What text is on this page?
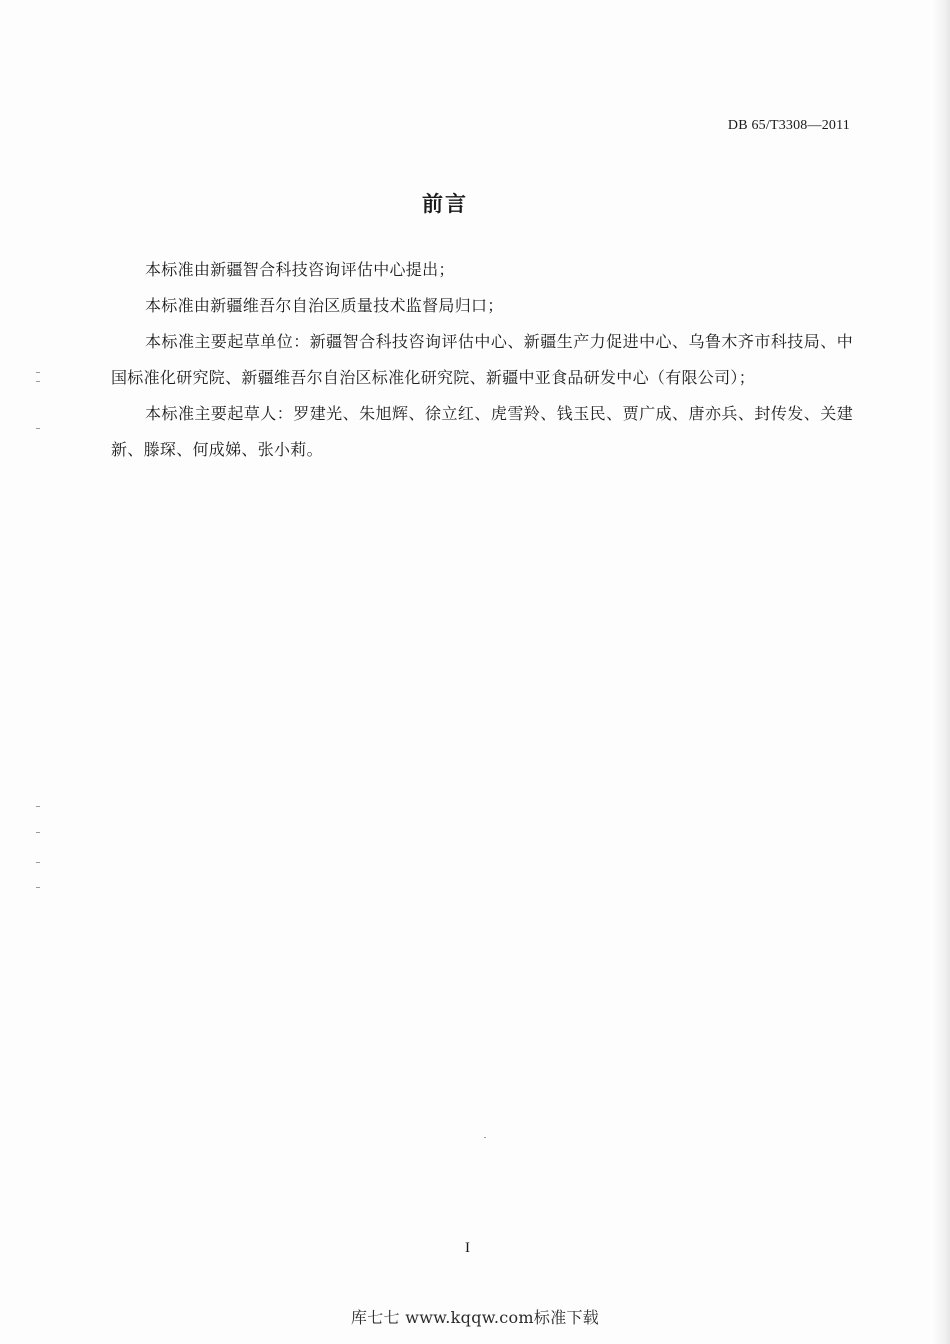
DB 65/T3308—2011
前言

本标准由新疆智合科技咨询评估中心提出；

本标准由新疆维吾尔自治区质量技术监督局归口；

本标准主要起草单位：新疆智合科技咨询评估中心、新疆生产力促进中心、乌鲁木齐市科技局、中国标准化研究院、新疆维吾尔自治区标准化研究院、新疆中亚食品研发中心（有限公司）；

本标准主要起草人：罗建光、朱旭辉、徐立红、虎雪羚、钱玉民、贾广成、唐亦兵、封传发、关建新、滕琛、何成娣、张小莉。

I
库七七 www.kqqw.com标准下载
